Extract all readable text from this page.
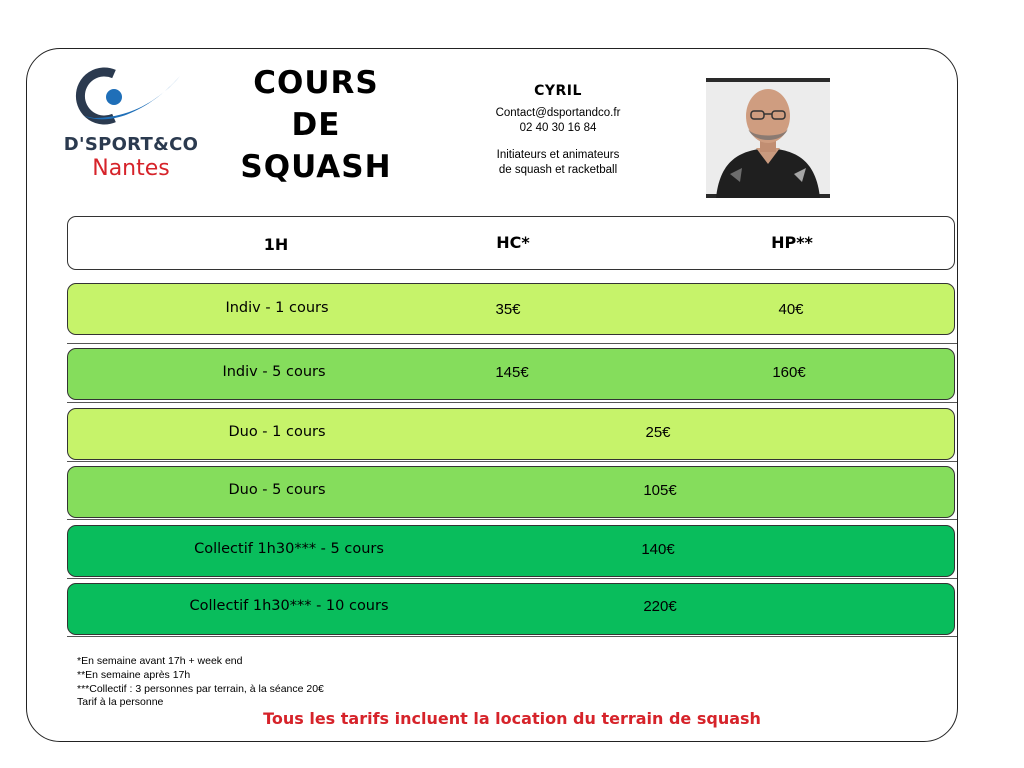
D'SPORT&CO
Nantes
COURS
DE
SQUASH
CYRIL
Contact@dsportandco.fr
02 40 30 16 84
Initiateurs et animateurs
de squash et racketball
1H	HC*	HP**
Indiv - 1 cours	35€	40€
Indiv - 5 cours	145€	160€
Duo - 1 cours	25€
Duo - 5 cours	105€
Collectif 1h30*** - 5 cours	140€
Collectif 1h30*** - 10 cours	220€
*En semaine avant 17h + week end
**En semaine après 17h
***Collectif : 3 personnes par terrain, à la séance 20€
Tarif à la personne
Tous les tarifs incluent la location du terrain de squash
